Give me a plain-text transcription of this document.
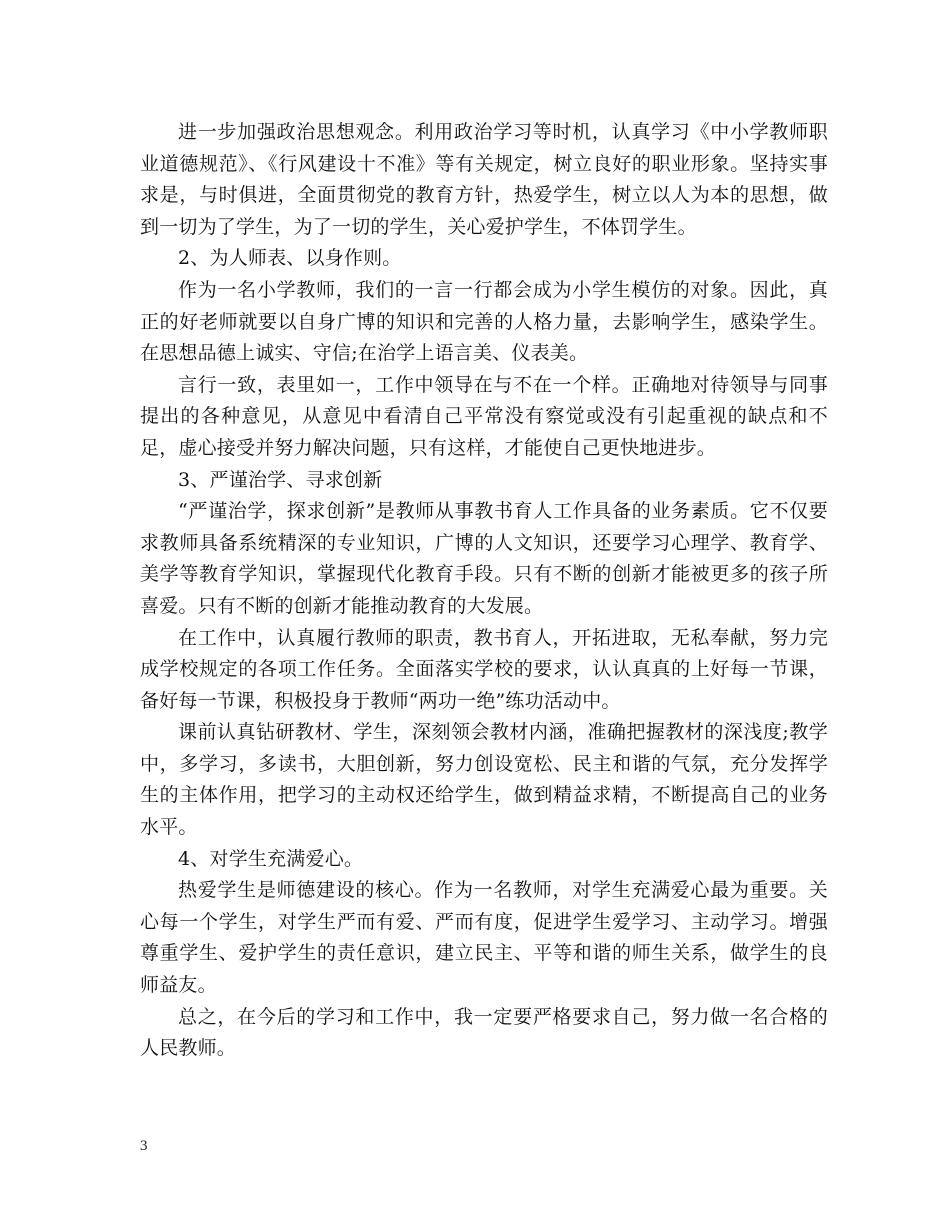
进一步加强政治思想观念。利用政治学习等时机，认真学习《中小学教师职业道德规范》、《行风建设十不准》等有关规定，树立良好的职业形象。坚持实事求是，与时俱进，全面贯彻党的教育方针，热爱学生，树立以人为本的思想，做到一切为了学生，为了一切的学生，关心爱护学生，不体罚学生。

2、为人师表、以身作则。

作为一名小学教师，我们的一言一行都会成为小学生模仿的对象。因此，真正的好老师就要以自身广博的知识和完善的人格力量，去影响学生，感染学生。在思想品德上诚实、守信;在治学上语言美、仪表美。

言行一致，表里如一，工作中领导在与不在一个样。正确地对待领导与同事提出的各种意见，从意见中看清自己平常没有察觉或没有引起重视的缺点和不足，虚心接受并努力解决问题，只有这样，才能使自己更快地进步。

3、严谨治学、寻求创新

“严谨治学，探求创新”是教师从事教书育人工作具备的业务素质。它不仅要求教师具备系统精深的专业知识，广博的人文知识，还要学习心理学、教育学、美学等教育学知识，掌握现代化教育手段。只有不断的创新才能被更多的孩子所喜爱。只有不断的创新才能推动教育的大发展。

在工作中，认真履行教师的职责，教书育人，开拓进取，无私奉献，努力完成学校规定的各项工作任务。全面落实学校的要求，认认真真的上好每一节课，备好每一节课，积极投身于教师“两功一绝”练功活动中。

课前认真钻研教材、学生，深刻领会教材内涵，准确把握教材的深浅度;教学中，多学习，多读书，大胆创新，努力创设宽松、民主和谐的气氛，充分发挥学生的主体作用，把学习的主动权还给学生，做到精益求精，不断提高自己的业务水平。

4、对学生充满爱心。

热爱学生是师德建设的核心。作为一名教师，对学生充满爱心最为重要。关心每一个学生，对学生严而有爱、严而有度，促进学生爱学习、主动学习。增强尊重学生、爱护学生的责任意识，建立民主、平等和谐的师生关系，做学生的良师益友。

总之，在今后的学习和工作中，我一定要严格要求自己，努力做一名合格的人民教师。

3
